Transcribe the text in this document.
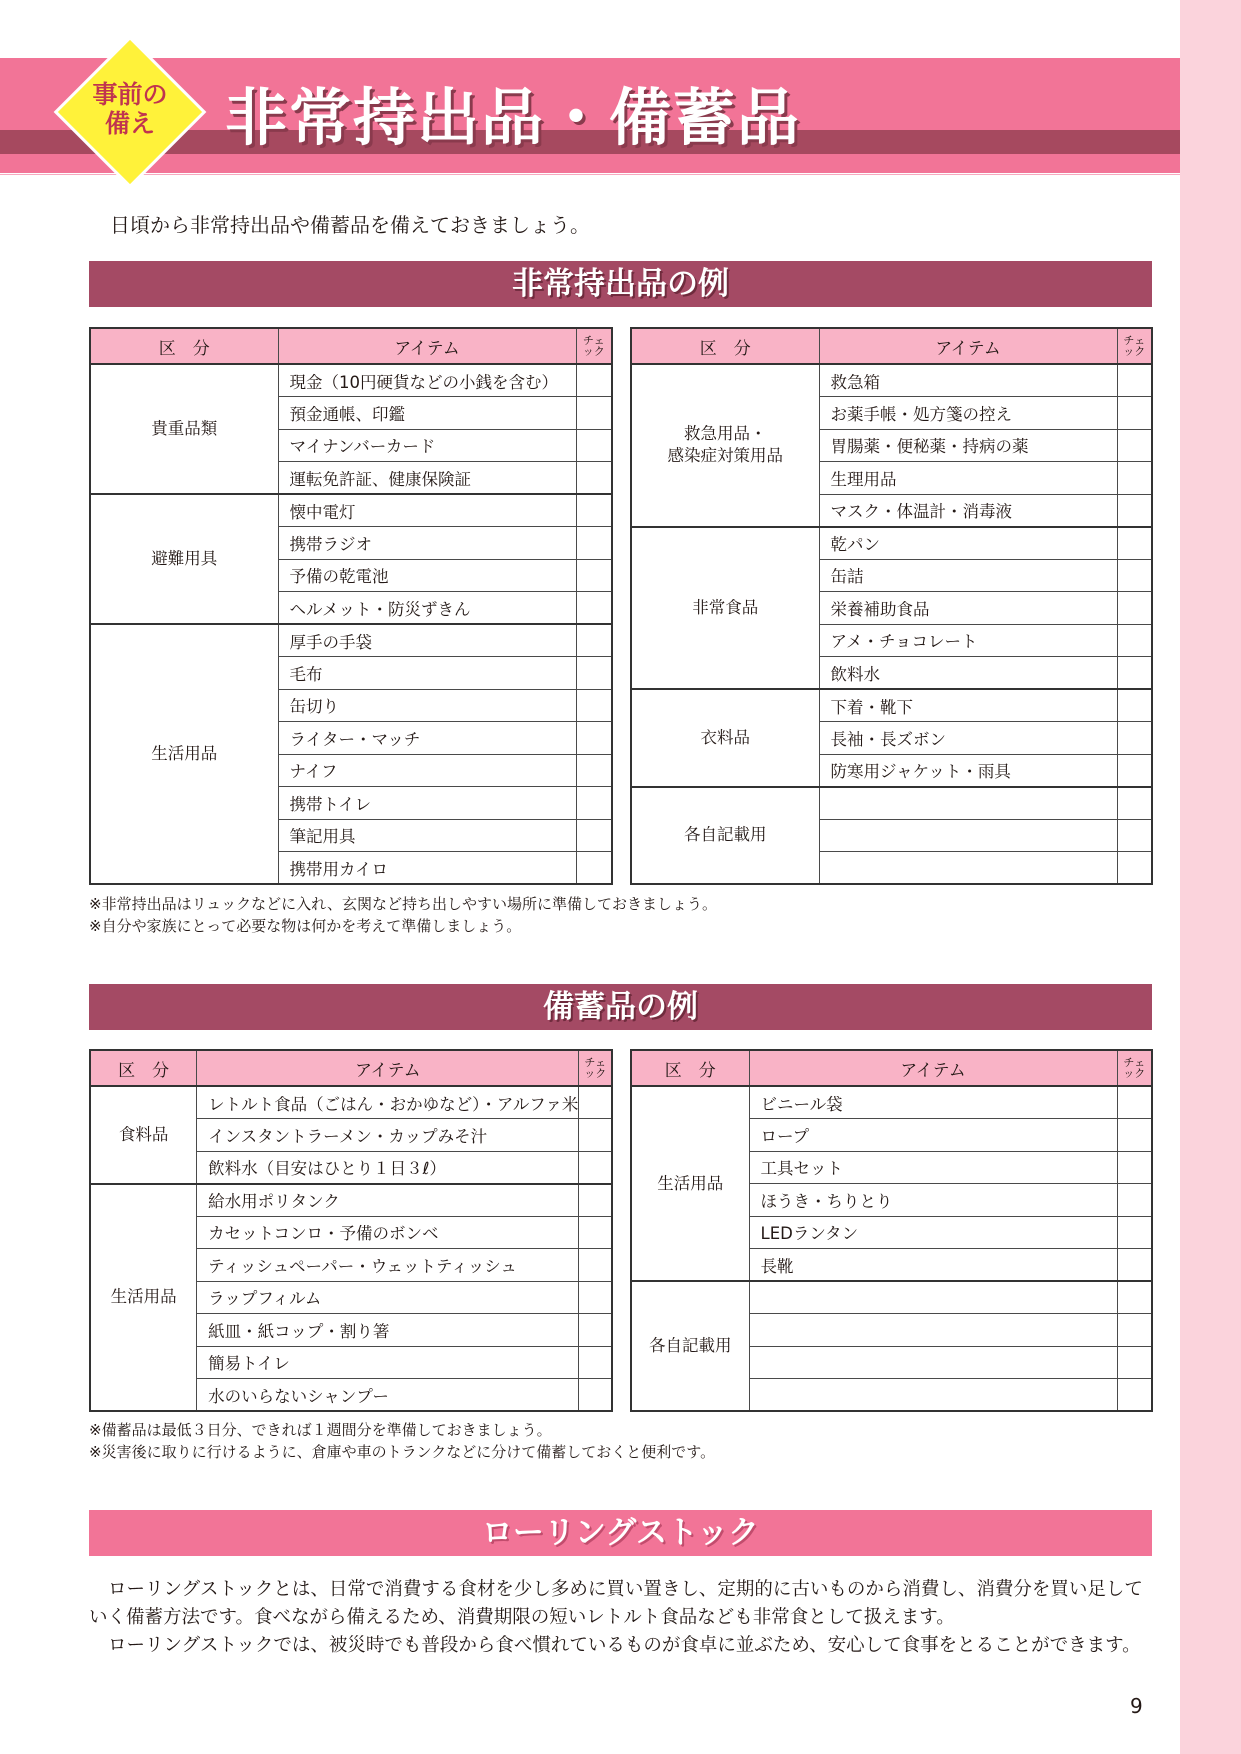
非常持出品・備蓄品
事前の
備え
日頃から非常持出品や備蓄品を備えておきましょう。
非常持出品の例
区　分	アイテム	チェ
ック

貴重品類	現金（10円硬貨などの小銭を含む）	
	預金通帳、印鑑	
	マイナンバーカード	
	運転免許証、健康保険証	
避難用具	懐中電灯	
	携帯ラジオ	
	予備の乾電池	
	ヘルメット・防災ずきん	
生活用品	厚手の手袋	
	毛布	
	缶切り	
	ライター・マッチ	
	ナイフ	
	携帯トイレ	
	筆記用具	
	携帯用カイロ	
区　分	アイテム	チェ
ック

救急用品・
感染症対策用品	救急箱	
	お薬手帳・処方箋の控え	
	胃腸薬・便秘薬・持病の薬	
	生理用品	
	マスク・体温計・消毒液	
非常食品	乾パン	
	缶詰	
	栄養補助食品	
	アメ・チョコレート	
	飲料水	
衣料品	下着・靴下	
	長袖・長ズボン	
	防寒用ジャケット・雨具	
各自記載用		

※非常持出品はリュックなどに入れ、玄関など持ち出しやすい場所に準備しておきましょう。
※自分や家族にとって必要な物は何かを考えて準備しましょう。
備蓄品の例
区　分	アイテム	チェ
ック

食料品	レトルト食品（ごはん・おかゆなど）・アルファ米	
	インスタントラーメン・カップみそ汁	
	飲料水（目安はひとり１日３ℓ）	
生活用品	給水用ポリタンク	
	カセットコンロ・予備のボンベ	
	ティッシュペーパー・ウェットティッシュ	
	ラップフィルム	
	紙皿・紙コップ・割り箸	
	簡易トイレ	
	水のいらないシャンプー	
区　分	アイテム	チェ
ック

生活用品	ビニール袋	
	ロープ	
	工具セット	
	ほうき・ちりとり	
	LEDランタン	
	長靴	
各自記載用		

※備蓄品は最低３日分、できれば１週間分を準備しておきましょう。
※災害後に取りに行けるように、倉庫や車のトランクなどに分けて備蓄しておくと便利です。
ローリングストック

ローリングストックとは、日常で消費する食材を少し多めに買い置きし、定期的に古いものから消費し、消費分を買い足していく備蓄方法です。食べながら備えるため、消費期限の短いレトルト食品なども非常食として扱えます。

ローリングストックでは、被災時でも普段から食べ慣れているものが食卓に並ぶため、安心して食事をとることができます。

9
